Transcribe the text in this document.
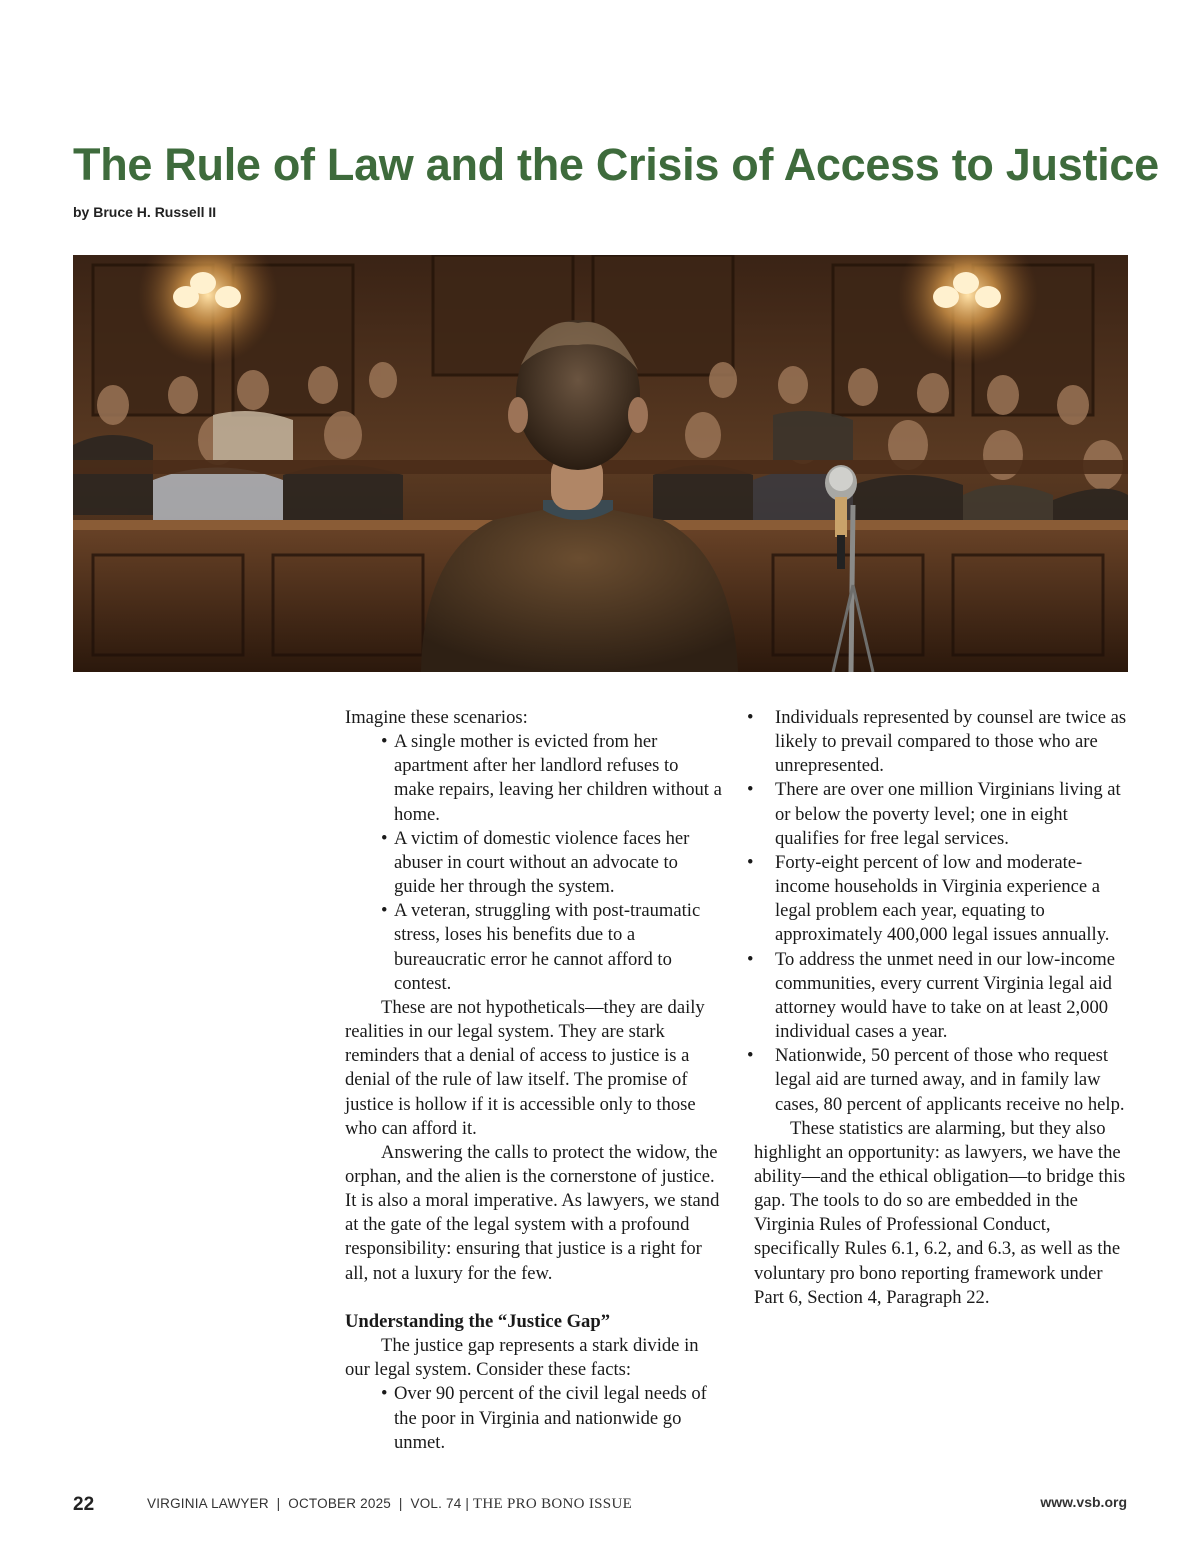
The Rule of Law and the Crisis of Access to Justice

by Bruce H. Russell II

Imagine these scenarios:

• A single mother is evicted from her apartment after her landlord refuses to make repairs, leaving her children without a home.
• A victim of domestic violence faces her abuser in court without an advocate to guide her through the system.
• A veteran, struggling with post-traumatic stress, loses his benefits due to a bureaucratic error he cannot afford to contest.

These are not hypotheticals—they are daily realities in our legal system. They are stark reminders that a denial of access to justice is a denial of the rule of law itself. The promise of justice is hollow if it is accessible only to those who can afford it.

Answering the calls to protect the widow, the orphan, and the alien is the cornerstone of justice. It is also a moral imperative. As lawyers, we stand at the gate of the legal system with a profound responsibility: ensuring that justice is a right for all, not a luxury for the few.

Understanding the “Justice Gap”

The justice gap represents a stark divide in our legal system. Consider these facts:

• Over 90 percent of the civil legal needs of the poor in Virginia and nationwide go unmet.
• Individuals represented by counsel are twice as likely to prevail compared to those who are unrepresented.
• There are over one million Virginians living at or below the poverty level; one in eight qualifies for free legal services.
• Forty-eight percent of low and moderate-income households in Virginia experience a legal problem each year, equating to approximately 400,000 legal issues annually.
• To address the unmet need in our low-income communities, every current Virginia legal aid attorney would have to take on at least 2,000 individual cases a year.
• Nationwide, 50 percent of those who request legal aid are turned away, and in family law cases, 80 percent of applicants receive no help.

These statistics are alarming, but they also highlight an opportunity: as lawyers, we have the ability—and the ethical obligation—to bridge this gap. The tools to do so are embedded in the Virginia Rules of Professional Conduct, specifically Rules 6.1, 6.2, and 6.3, as well as the voluntary pro bono reporting framework under Part 6, Section 4, Paragraph 22.

22	VIRGINIA LAWYER  |  OCTOBER 2025  |  VOL. 74 | THE PRO BONO ISSUE	www.vsb.org
